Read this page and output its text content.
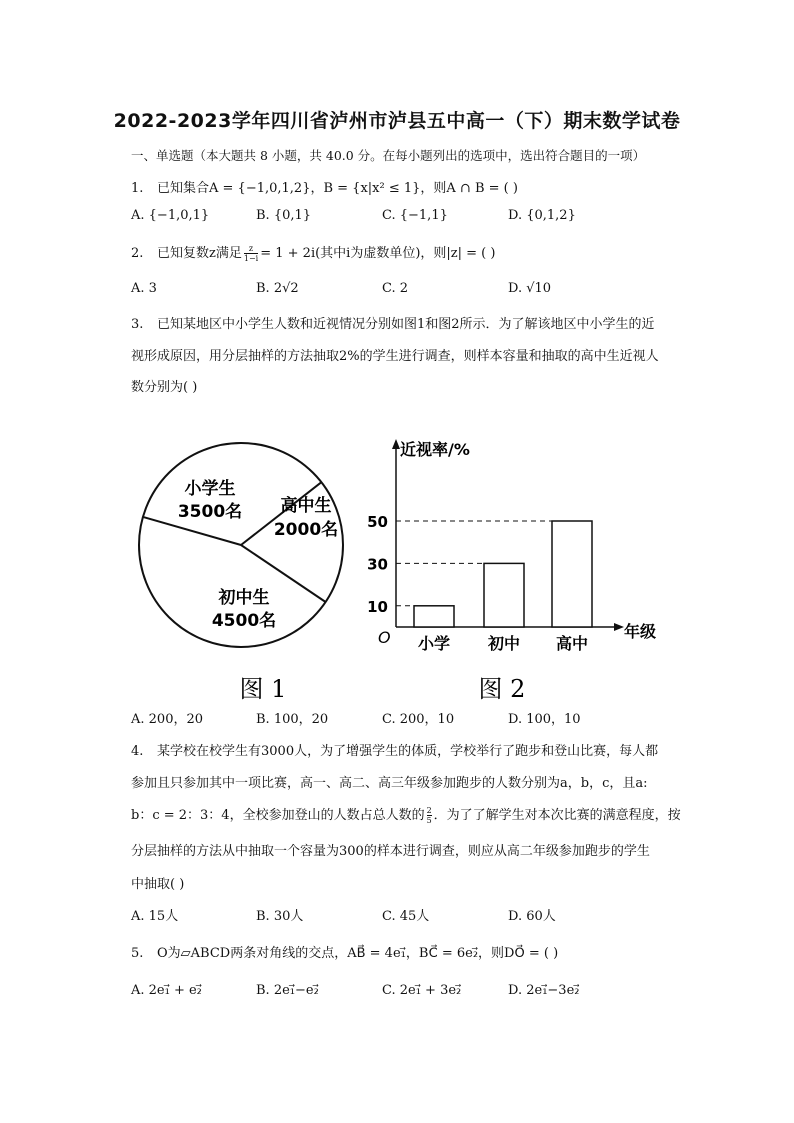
2022-2023学年四川省泸州市泸县五中高一（下）期末数学试卷
一、单选题（本大题共 8 小题，共 40.0 分。在每小题列出的选项中，选出符合题目的一项）
1. 已知集合A = {−1,0,1,2}，B = {x|x² ≤ 1}，则A ∩ B = ( )
A. {−1,0,1}	B. {0,1}	C. {−1,1}	D. {0,1,2}
2. 已知复数z满足 $\frac{z}{1-i} = 1 + 2i$(其中i为虚数单位)，则|z| = ( )
A. 3	B. 2√2	C. 2	D. √10
3. 已知某地区中小学生人数和近视情况分别如图1和图2所示．为了解该地区中小学生的近
视形成原因，用分层抽样的方法抽取2%的学生进行调查，则样本容量和抽取的高中生近视人
数分别为( )
小学生
3500名 高中生
2000名
初中生
4500名
图 1
近视率/%
年级
O
10
30
50
小学 初中 高中
图 2
A. 200，20	B. 100，20	C. 200，10	D. 100，10
4. 某学校在校学生有3000人，为了增强学生的体质，学校举行了跑步和登山比赛，每人都
参加且只参加其中一项比赛，高一、高二、高三年级参加跑步的人数分别为a，b，c，且a:
b：c = 2：3：4，全校参加登山的人数占总人数的 $\frac{2}{5}$ ．为了了解学生对本次比赛的满意程度，按
分层抽样的方法从中抽取一个容量为300的样本进行调查，则应从高二年级参加跑步的学生
中抽取( )
A. 15人	B. 30人	C. 45人	D. 60人
5. O为▱ABCD两条对角线的交点，AB⃗ = 4e₁⃗，BC⃗ = 6e₂⃗，则DO⃗ = ( )
A. 2e₁⃗ + e₂⃗	B. 2e₁⃗−e₂⃗	C. 2e₁⃗ + 3e₂⃗	D. 2e₁⃗−3e₂⃗
